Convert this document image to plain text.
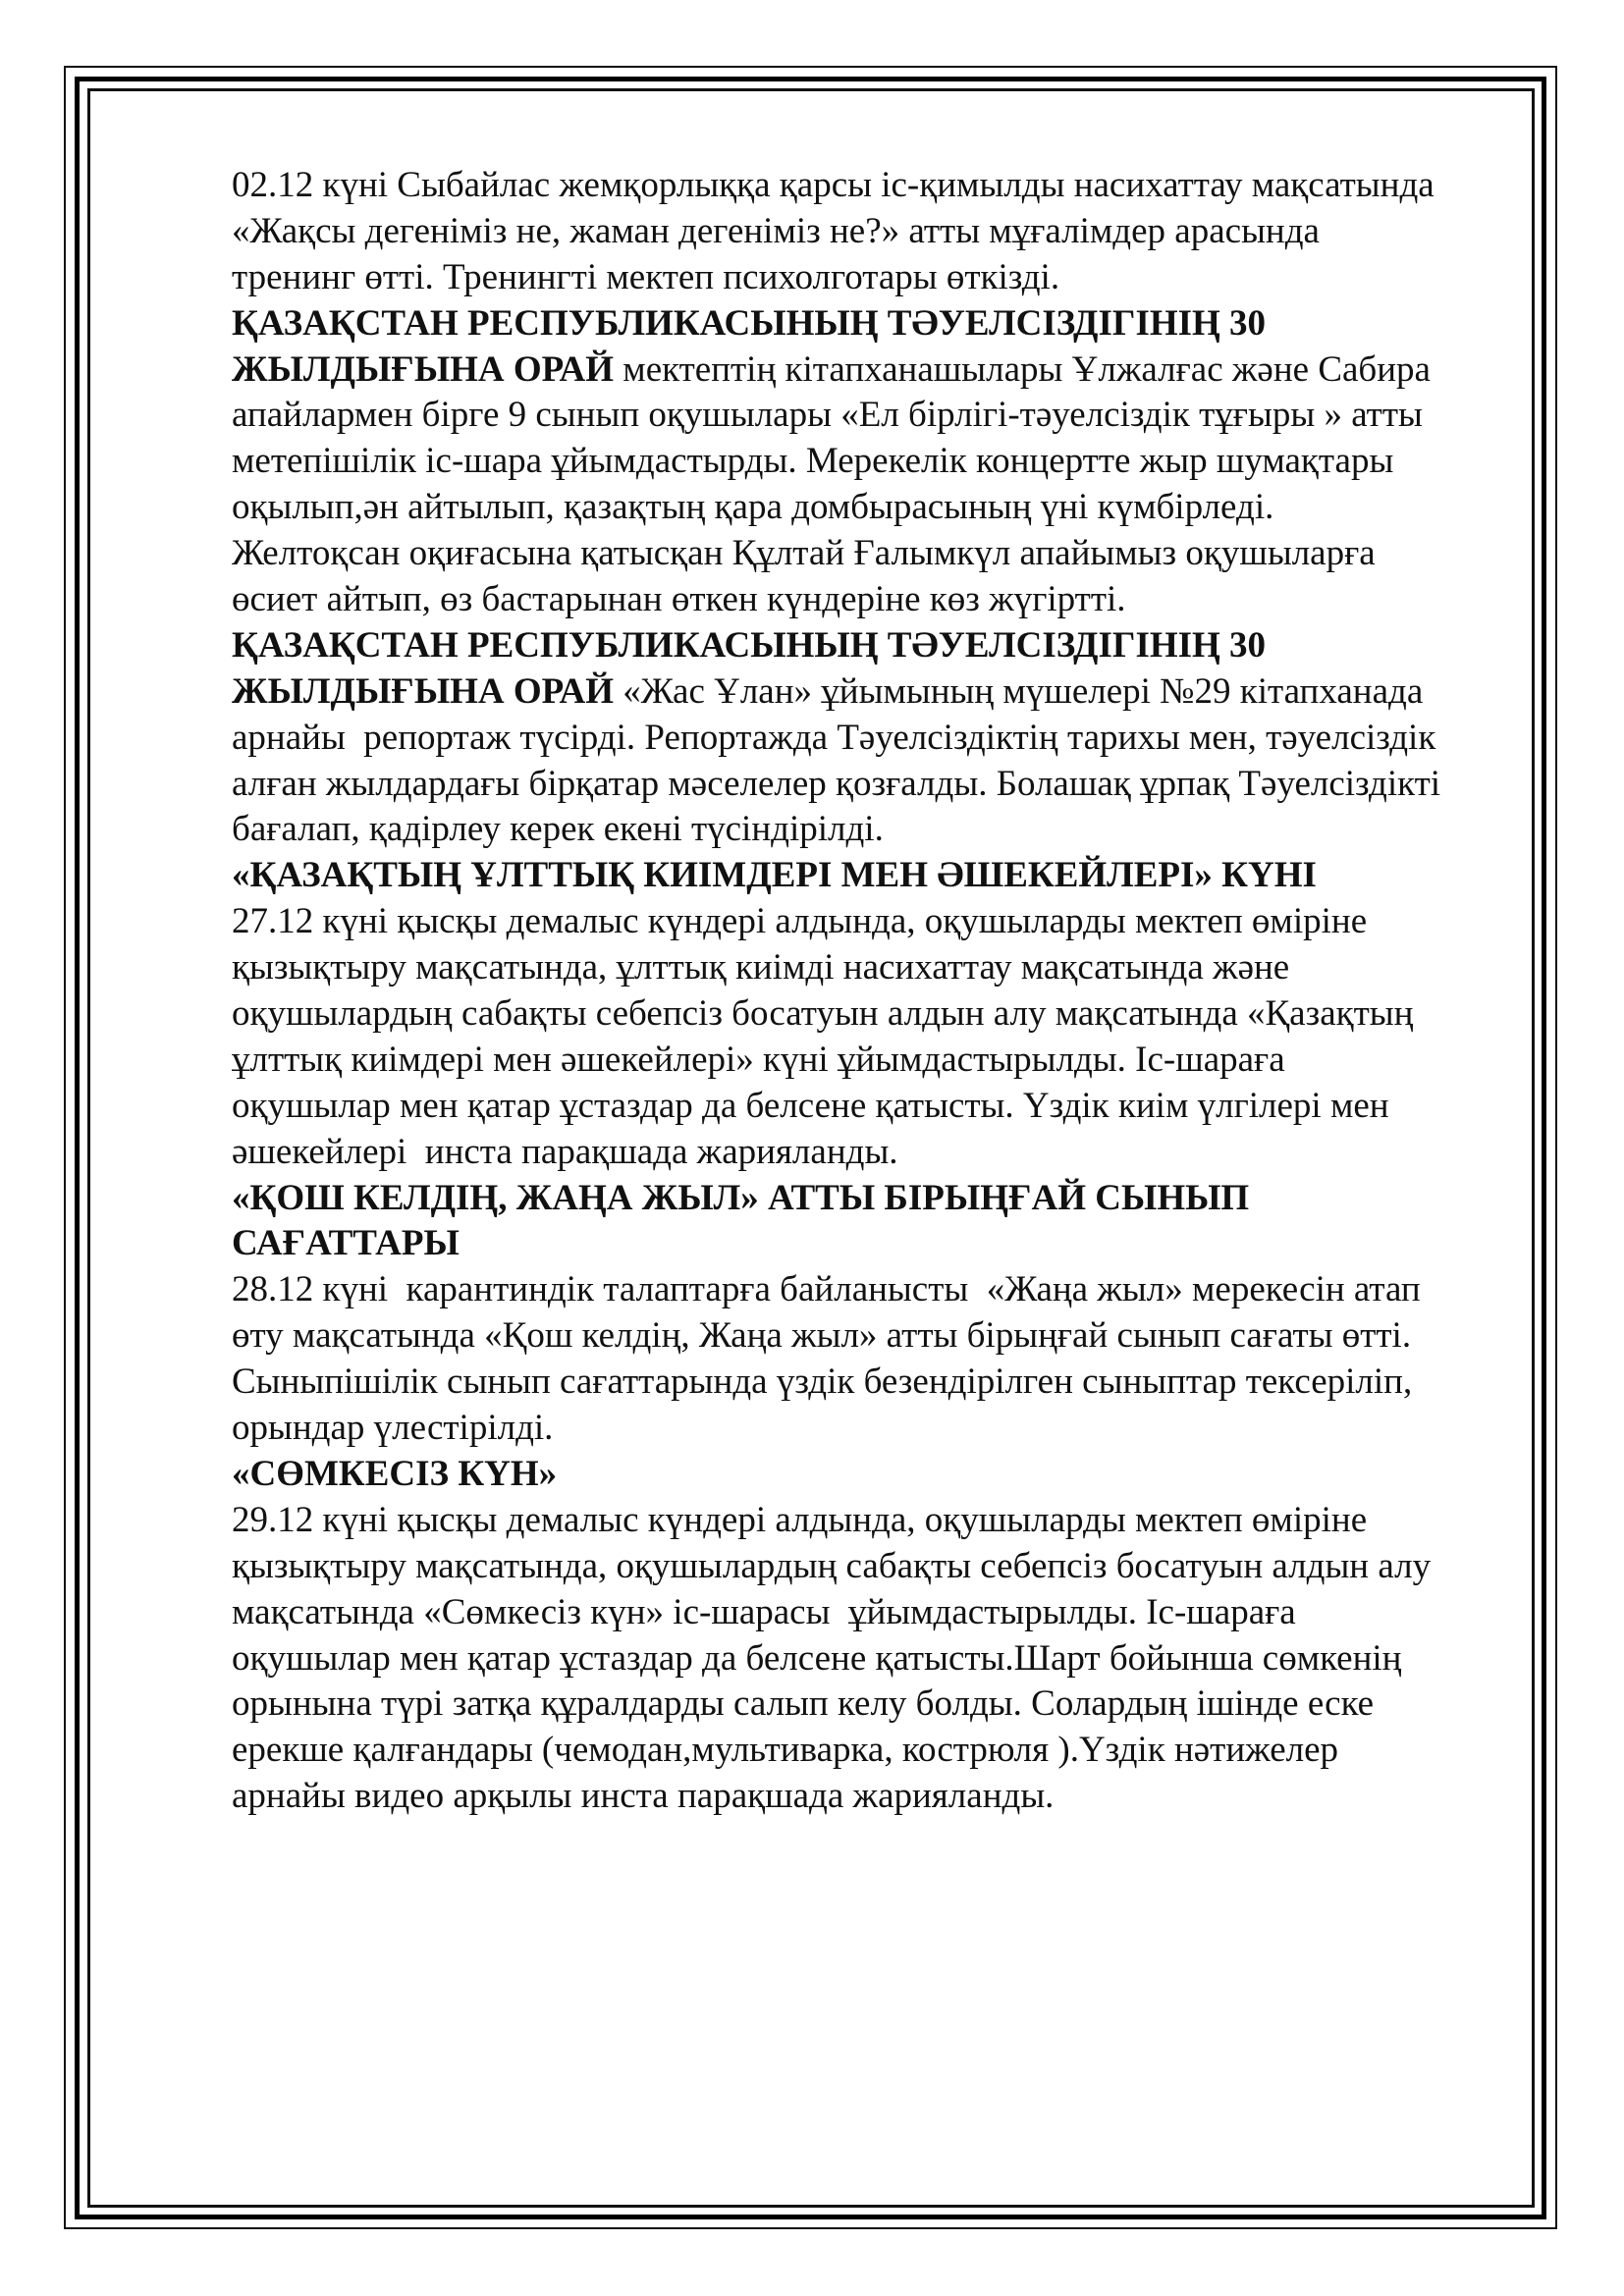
02.12 күні Сыбайлас жемқорлыққа қарсы іс-қимылды насихаттау мақсатында
«Жақсы дегеніміз не, жаман дегеніміз не?» атты мұғалімдер арасында
тренинг өтті. Тренингті мектеп психолготары өткізді.
ҚАЗАҚСТАН РЕСПУБЛИКАСЫНЫҢ ТӘУЕЛСІЗДІГІНІҢ 30
ЖЫЛДЫҒЫНА ОРАЙ мектептің кітапханашылары Ұлжалғас және Сабира
апайлармен бірге 9 сынып оқушылары «Ел бірлігі-тәуелсіздік тұғыры » атты
метепішілік іс-шара ұйымдастырды. Мерекелік концертте жыр шумақтары
оқылып,ән айтылып, қазақтың қара домбырасының үні күмбірледі.
Желтоқсан оқиғасына қатысқан Құлтай Ғалымкүл апайымыз оқушыларға
өсиет айтып, өз бастарынан өткен күндеріне көз жүгіртті.
ҚАЗАҚСТАН РЕСПУБЛИКАСЫНЫҢ ТӘУЕЛСІЗДІГІНІҢ 30
ЖЫЛДЫҒЫНА ОРАЙ «Жас Ұлан» ұйымының мүшелері №29 кітапханада
арнайы  репортаж түсірді. Репортажда Тәуелсіздіктің тарихы мен, тәуелсіздік
алған жылдардағы бірқатар мәселелер қозғалды. Болашақ ұрпақ Тәуелсіздікті
бағалап, қадірлеу керек екені түсіндірілді.
«ҚАЗАҚТЫҢ ҰЛТТЫҚ КИІМДЕРІ МЕН ӘШЕКЕЙЛЕРІ» КҮНІ
27.12 күні қысқы демалыс күндері алдында, оқушыларды мектеп өміріне
қызықтыру мақсатында, ұлттық киімді насихаттау мақсатында және
оқушылардың сабақты себепсіз босатуын алдын алу мақсатында «Қазақтың
ұлттық киімдері мен әшекейлері» күні ұйымдастырылды. Іс-шараға
оқушылар мен қатар ұстаздар да белсене қатысты. Үздік киім үлгілері мен
әшекейлері  инста парақшада жарияланды.
«ҚОШ КЕЛДІҢ, ЖАҢА ЖЫЛ» АТТЫ БІРЫҢҒАЙ СЫНЫП
САҒАТТАРЫ
28.12 күні  карантиндік талаптарға байланысты  «Жаңа жыл» мерекесін атап
өту мақсатында «Қош келдің, Жаңа жыл» атты бірыңғай сынып сағаты өтті.
Сыныпішілік сынып сағаттарында үздік безендірілген сыныптар тексеріліп,
орындар үлестірілді.
«СӨМКЕСІЗ КҮН»
29.12 күні қысқы демалыс күндері алдында, оқушыларды мектеп өміріне
қызықтыру мақсатында, оқушылардың сабақты себепсіз босатуын алдын алу
мақсатында «Сөмкесіз күн» іс-шарасы  ұйымдастырылды. Іс-шараға
оқушылар мен қатар ұстаздар да белсене қатысты.Шарт бойынша сөмкенің
орынына түрі затқа құралдарды салып келу болды. Солардың ішінде еске
ерекше қалғандары (чемодан,мультиварка, кострюля ).Үздік нәтижелер
арнайы видео арқылы инста парақшада жарияланды.
